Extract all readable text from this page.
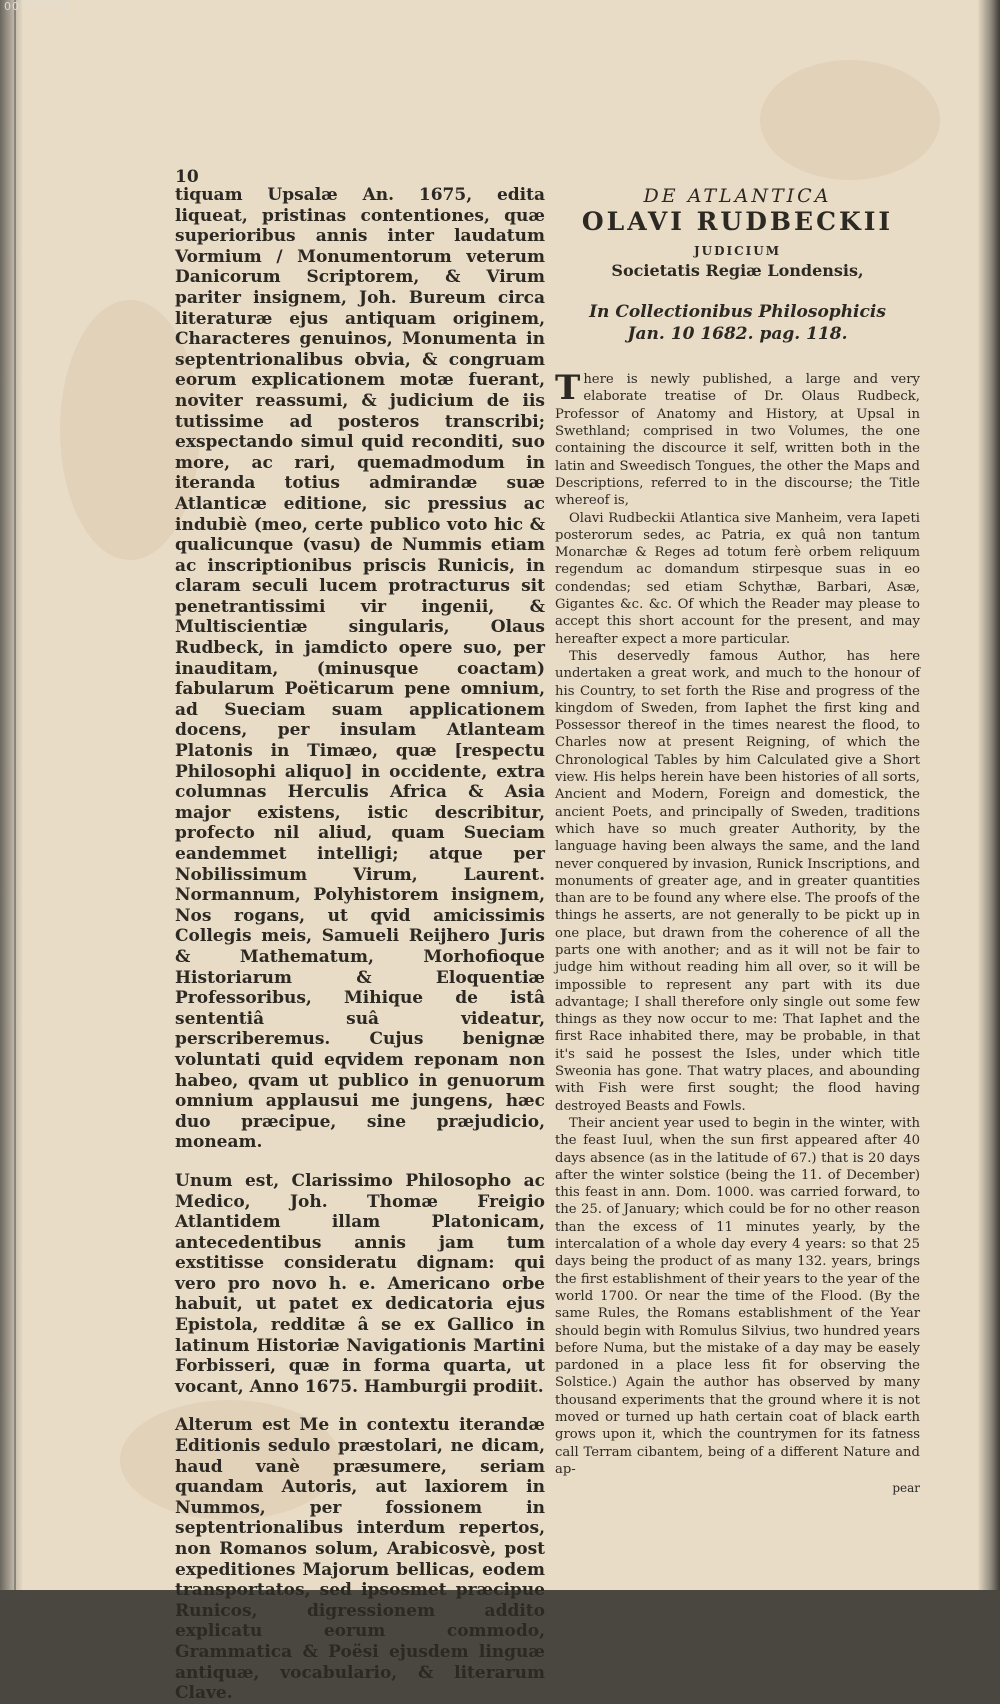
00103273
10

tiquam Upsalæ An. 1675, edita liqueat, pristinas contentiones, quæ superioribus annis inter laudatum Vormium / Monumentorum veterum Danicorum Scriptorem, & Virum pariter insignem, Joh. Bureum circa literaturæ ejus antiquam originem, Characteres genuinos, Monumenta in septentrionalibus obvia, & congruam eorum explicationem motæ fuerant, noviter reassumi, & judicium de iis tutissime ad posteros transcribi; exspectando simul quid reconditi, suo more, ac rari, quemadmodum in iteranda totius admirandæ suæ Atlanticæ editione, sic pressius ac indubiè (meo, certe publico voto hic & qualicunque (vasu) de Nummis etiam ac inscriptionibus priscis Runicis, in claram seculi lucem protracturus sit penetrantissimi vir ingenii, & Multiscientiæ singularis, Olaus Rudbeck, in jamdicto opere suo, per inauditam, (minusque coactam) fabularum Poëticarum pene omnium, ad Sueciam suam applicationem docens, per insulam Atlanteam Platonis in Timæo, quæ [respectu Philosophi aliquo] in occidente, extra columnas Herculis Africa & Asia major existens, istic describitur, profecto nil aliud, quam Sueciam eandemmet intelligi; atque per Nobilissimum Virum, Laurent. Normannum, Polyhistorem insignem, Nos rogans, ut qvid amicissimis Collegis meis, Samueli Reijhero Juris & Mathematum, Morhofioque Historiarum & Eloquentiæ Professoribus, Mihique de istâ sententiâ suâ videatur, perscriberemus. Cujus benignæ voluntati quid eqvidem reponam non habeo, qvam ut publico in genuorum omnium applausui me jungens, hæc duo præcipue, sine præjudicio, moneam.

Unum est, Clarissimo Philosopho ac Medico, Joh. Thomæ Freigio Atlantidem illam Platonicam, antecedentibus annis jam tum exstitisse consideratu dignam: qui vero pro novo h. e. Americano orbe habuit, ut patet ex dedicatoria ejus Epistola, redditæ â se ex Gallico in latinum Historiæ Navigationis Martini Forbisseri, quæ in forma quarta, ut vocant, Anno 1675. Hamburgii prodiit.

Alterum est Me in contextu iterandæ Editionis sedulo præstolari, ne dicam, haud vanè præsumere, seriam quandam Autoris, aut laxiorem in Nummos, per fossionem in septentrionalibus interdum repertos, non Romanos solum, Arabicosvè, post expeditiones Majorum bellicas, eodem transportatos, sed ipsosmet præcipue Runicos, digressionem addito explicatu eorum commodo, Grammatica & Poësi ejusdem linguæ antiquæ, vocabulario, & literarum Clave.

DE ATLANTICA

OLAVI RUDBECKII

JUDICIUM

Societatis Regiæ Londensis,

In Collectionibus Philosophicis
Jan. 10 1682. pag. 118.

There is newly published, a large and very elaborate treatise of Dr. Olaus Rudbeck, Professor of Anatomy and History, at Upsal in Swethland; comprised in two Volumes, the one containing the discource it self, written both in the latin and Sweedisch Tongues, the other the Maps and Descriptions, referred to in the discourse; the Title whereof is,

Olavi Rudbeckii Atlantica sive Manheim, vera Iapeti posterorum sedes, ac Patria, ex quâ non tantum Monarchæ & Reges ad totum ferè orbem reliquum regendum ac domandum stirpesque suas in eo condendas; sed etiam Schythæ, Barbari, Asæ, Gigantes &c. &c. Of which the Reader may please to accept this short account for the present, and may hereafter expect a more particular.

This deservedly famous Author, has here undertaken a great work, and much to the honour of his Country, to set forth the Rise and progress of the kingdom of Sweden, from Iaphet the first king and Possessor thereof in the times nearest the flood, to Charles now at present Reigning, of which the Chronological Tables by him Calculated give a Short view. His helps herein have been histories of all sorts, Ancient and Modern, Foreign and domestick, the ancient Poets, and principally of Sweden, traditions which have so much greater Authority, by the language having been always the same, and the land never conquered by invasion, Runick Inscriptions, and monuments of greater age, and in greater quantities than are to be found any where else. The proofs of the things he asserts, are not generally to be pickt up in one place, but drawn from the coherence of all the parts one with another; and as it will not be fair to judge him without reading him all over, so it will be impossible to represent any part with its due advantage; I shall therefore only single out some few things as they now occur to me: That Iaphet and the first Race inhabited there, may be probable, in that it's said he possest the Isles, under which title Sweonia has gone. That watry places, and abounding with Fish were first sought; the flood having destroyed Beasts and Fowls.

Their ancient year used to begin in the winter, with the feast Iuul, when the sun first appeared after 40 days absence (as in the latitude of 67.) that is 20 days after the winter solstice (being the 11. of December) this feast in ann. Dom. 1000. was carried forward, to the 25. of January; which could be for no other reason than the excess of 11 minutes yearly, by the intercalation of a whole day every 4 years: so that 25 days being the product of as many 132. years, brings the first establishment of their years to the year of the world 1700. Or near the time of the Flood. (By the same Rules, the Romans establishment of the Year should begin with Romulus Silvius, two hundred years before Numa, but the mistake of a day may be easely pardoned in a place less fit for observing the Solstice.) Again the author has observed by many thousand experiments that the ground where it is not moved or turned up hath certain coat of black earth grows upon it, which the countrymen for its fatness call Terram cibantem, being of a different Nature and ap-

pear
